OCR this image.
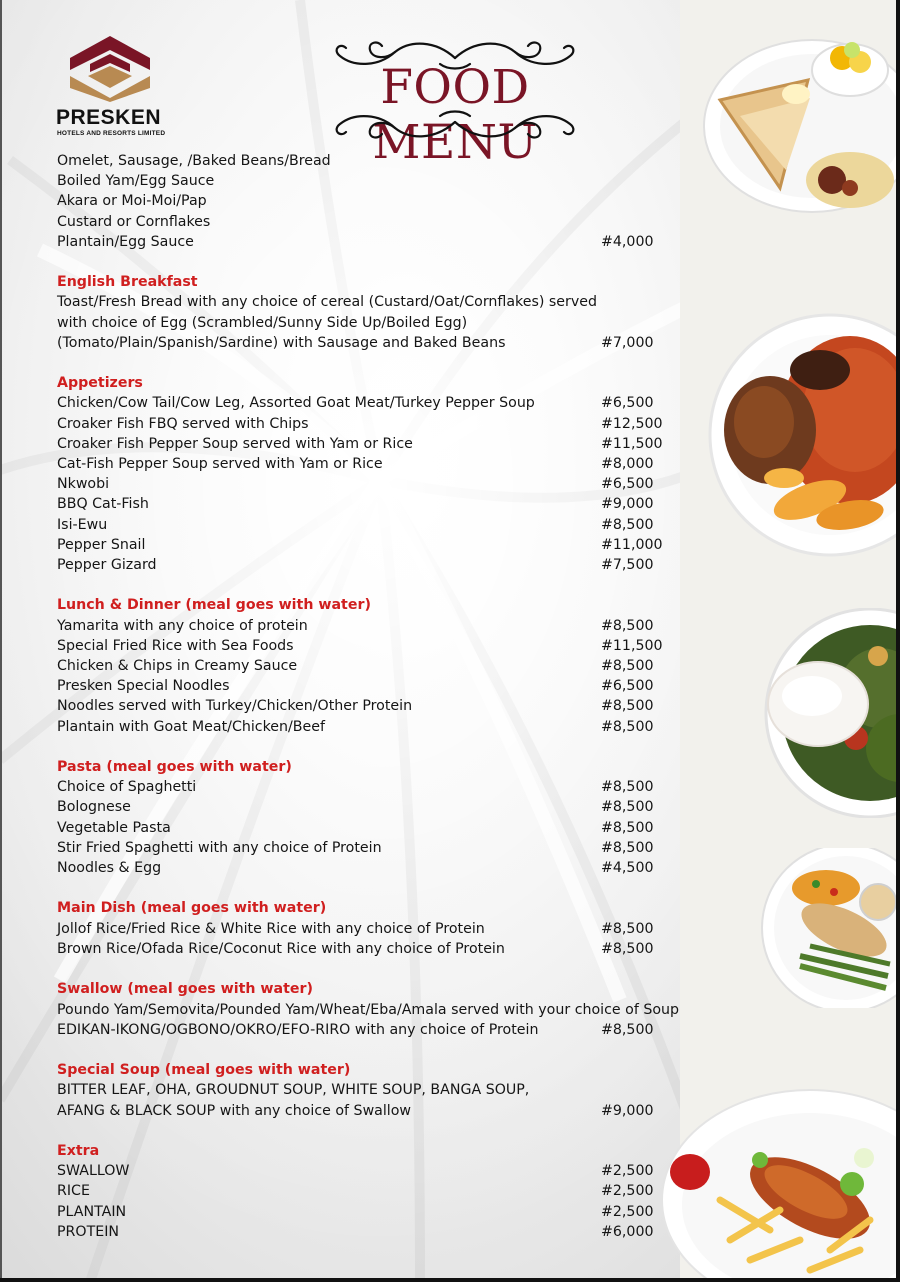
PRESKEN
HOTELS AND RESORTS LIMITED
FOOD MENU
Omelet, Sausage, /Baked Beans/Bread
Boiled Yam/Egg Sauce
Akara or Moi-Moi/Pap
Custard or Cornflakes
Plantain/Egg Sauce	#4,000
English Breakfast
Toast/Fresh Bread with any choice of cereal (Custard/Oat/Cornflakes) served
with choice of Egg (Scrambled/Sunny Side Up/Boiled Egg)
(Tomato/Plain/Spanish/Sardine) with Sausage and Baked Beans	#7,000
Appetizers
Chicken/Cow Tail/Cow Leg, Assorted Goat Meat/Turkey Pepper Soup	#6,500
Croaker Fish FBQ served with Chips	#12,500
Croaker Fish Pepper Soup served with Yam or Rice	#11,500
Cat-Fish Pepper Soup served with Yam or Rice	#8,000
Nkwobi	#6,500
BBQ Cat-Fish	#9,000
Isi-Ewu	#8,500
Pepper Snail	#11,000
Pepper Gizard	#7,500
Lunch & Dinner (meal goes with water)
Yamarita with any choice of protein	#8,500
Special Fried Rice with Sea Foods	#11,500
Chicken & Chips in Creamy Sauce	#8,500
Presken Special Noodles	#6,500
Noodles served with Turkey/Chicken/Other Protein	#8,500
Plantain with Goat Meat/Chicken/Beef	#8,500
Pasta (meal goes with water)
Choice of Spaghetti	#8,500
Bolognese	#8,500
Vegetable Pasta	#8,500
Stir Fried Spaghetti with any choice of Protein	#8,500
Noodles & Egg	#4,500
Main Dish (meal goes with water)
Jollof Rice/Fried Rice & White Rice with any choice of Protein	#8,500
Brown Rice/Ofada Rice/Coconut Rice with any choice of Protein	#8,500
Swallow (meal goes with water)
Poundo Yam/Semovita/Pounded Yam/Wheat/Eba/Amala served with your choice of Soup
EDIKAN-IKONG/OGBONO/OKRO/EFO-RIRO with any choice of Protein	#8,500
Special Soup (meal goes with water)
BITTER LEAF, OHA, GROUDNUT SOUP, WHITE SOUP, BANGA SOUP,
AFANG & BLACK SOUP with any choice of Swallow	#9,000
Extra
SWALLOW	#2,500
RICE	#2,500
PLANTAIN	#2,500
PROTEIN	#6,000
